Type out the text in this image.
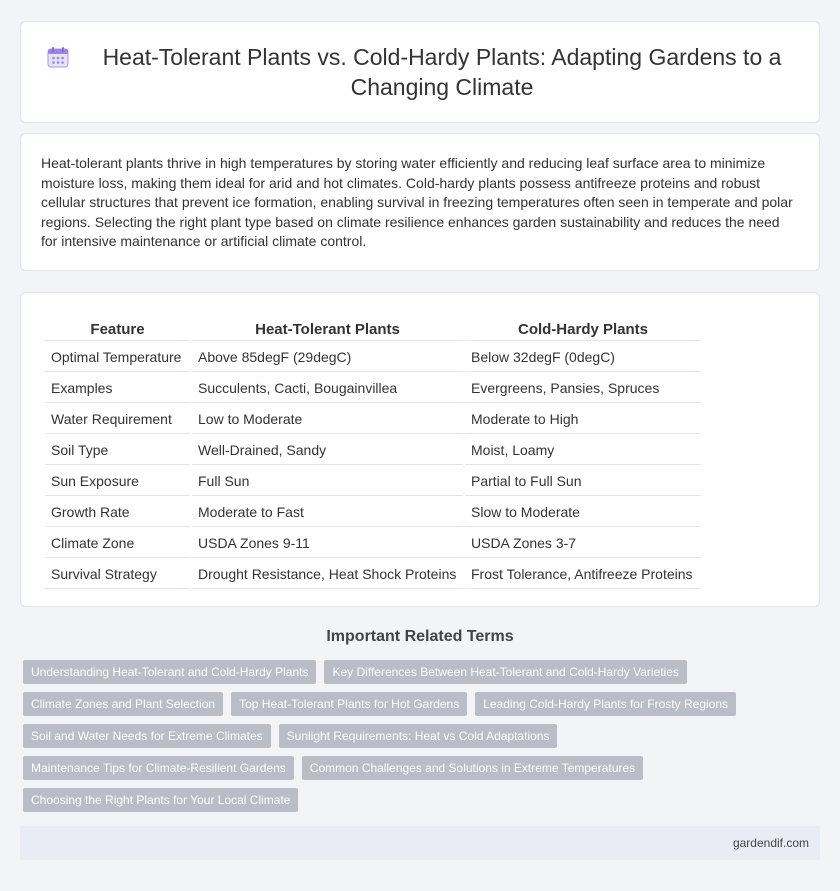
Heat-Tolerant Plants vs. Cold-Hardy Plants: Adapting Gardens to a Changing Climate

Heat-tolerant plants thrive in high temperatures by storing water efficiently and reducing leaf surface area to minimize moisture loss, making them ideal for arid and hot climates. Cold-hardy plants possess antifreeze proteins and robust cellular structures that prevent ice formation, enabling survival in freezing temperatures often seen in temperate and polar regions. Selecting the right plant type based on climate resilience enhances garden sustainability and reduces the need for intensive maintenance or artificial climate control.

Feature	Heat-Tolerant Plants	Cold-Hardy Plants
Optimal Temperature	Above 85degF (29degC)	Below 32degF (0degC)
Examples	Succulents, Cacti, Bougainvillea	Evergreens, Pansies, Spruces
Water Requirement	Low to Moderate	Moderate to High
Soil Type	Well-Drained, Sandy	Moist, Loamy
Sun Exposure	Full Sun	Partial to Full Sun
Growth Rate	Moderate to Fast	Slow to Moderate
Climate Zone	USDA Zones 9-11	USDA Zones 3-7
Survival Strategy	Drought Resistance, Heat Shock Proteins	Frost Tolerance, Antifreeze Proteins
Important Related Terms
Understanding Heat-Tolerant and Cold-Hardy Plants	Key Differences Between Heat-Tolerant and Cold-Hardy Varieties
Climate Zones and Plant Selection	Top Heat-Tolerant Plants for Hot Gardens	Leading Cold-Hardy Plants for Frosty Regions
Soil and Water Needs for Extreme Climates	Sunlight Requirements: Heat vs Cold Adaptations
Maintenance Tips for Climate-Resilient Gardens	Common Challenges and Solutions in Extreme Temperatures
Choosing the Right Plants for Your Local Climate
gardendif.com
